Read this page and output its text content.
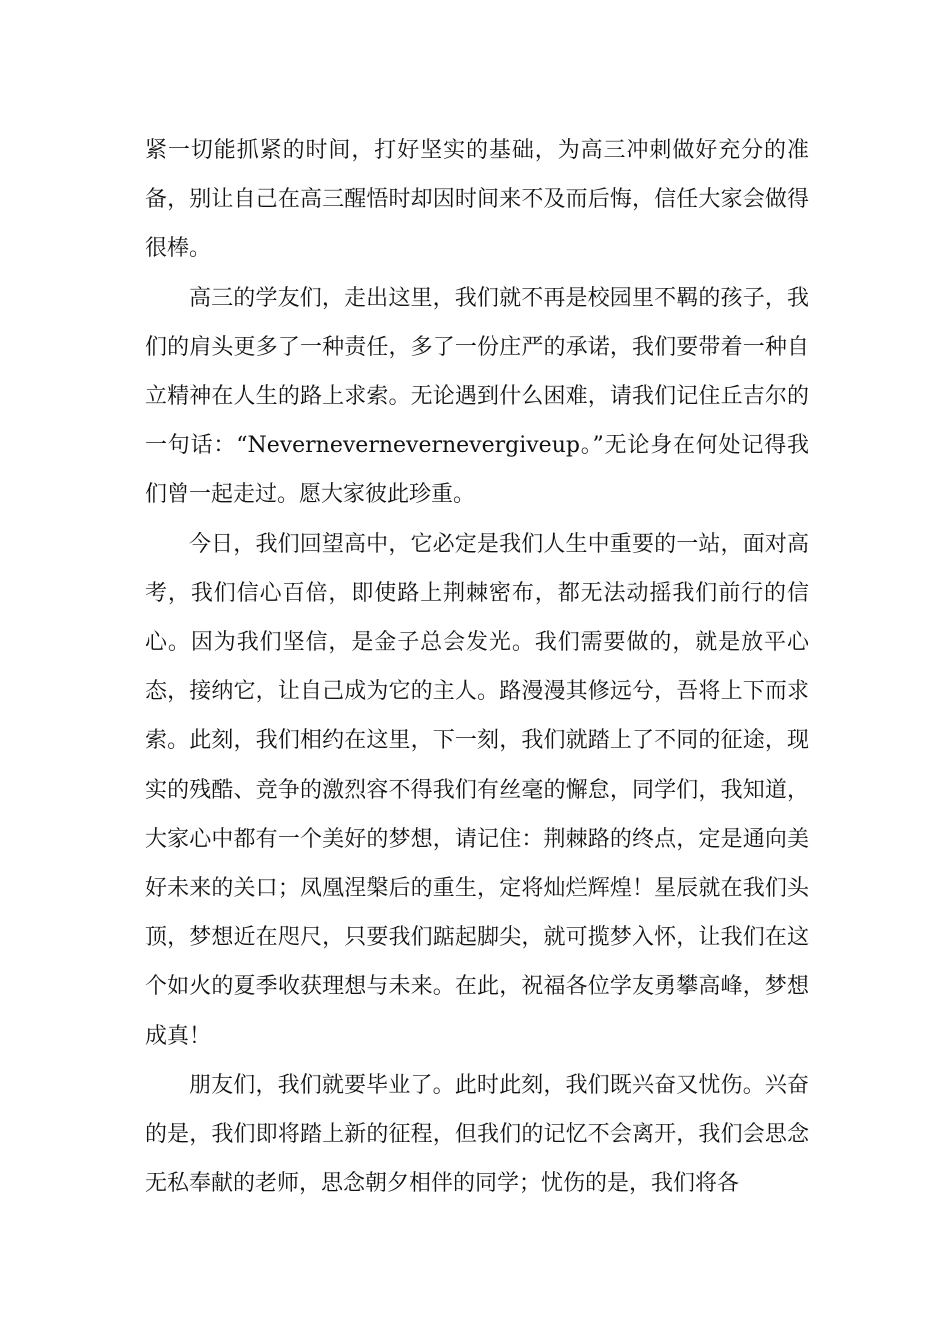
紧一切能抓紧的时间，打好坚实的基础，为高三冲刺做好充分的准备，别让自己在高三醒悟时却因时间来不及而后悔，信任大家会做得很棒。

高三的学友们，走出这里，我们就不再是校园里不羁的孩子，我们的肩头更多了一种责任，多了一份庄严的承诺，我们要带着一种自立精神在人生的路上求索。无论遇到什么困难，请我们记住丘吉尔的一句话：“Nevernevernevernevergiveup。”无论身在何处记得我们曾一起走过。愿大家彼此珍重。

今日，我们回望高中，它必定是我们人生中重要的一站，面对高考，我们信心百倍，即使路上荆棘密布，都无法动摇我们前行的信心。因为我们坚信，是金子总会发光。我们需要做的，就是放平心态，接纳它，让自己成为它的主人。路漫漫其修远兮，吾将上下而求索。此刻，我们相约在这里，下一刻，我们就踏上了不同的征途，现实的残酷、竞争的激烈容不得我们有丝毫的懈怠，同学们，我知道，大家心中都有一个美好的梦想，请记住：荆棘路的终点，定是通向美好未来的关口；凤凰涅槃后的重生，定将灿烂辉煌！星辰就在我们头顶，梦想近在咫尺，只要我们踮起脚尖，就可揽梦入怀，让我们在这个如火的夏季收获理想与未来。在此，祝福各位学友勇攀高峰，梦想成真！

朋友们，我们就要毕业了。此时此刻，我们既兴奋又忧伤。兴奋的是，我们即将踏上新的征程，但我们的记忆不会离开，我们会思念无私奉献的老师，思念朝夕相伴的同学；忧伤的是，我们将各
